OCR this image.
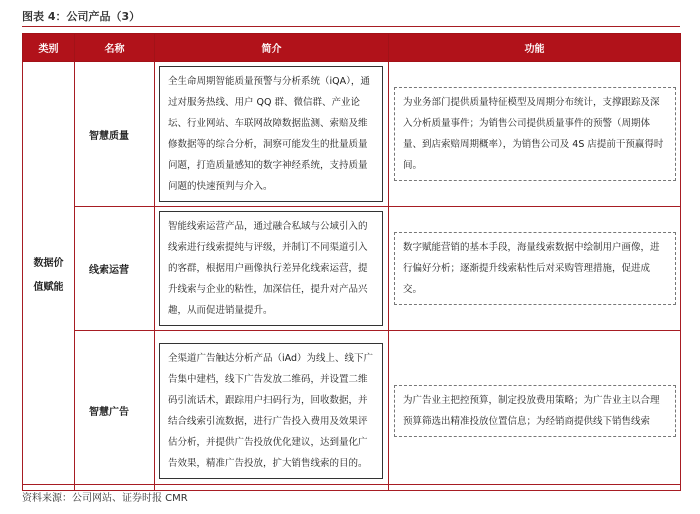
图表 4：公司产品（3）
类别	名称	简介	功能

数据价值赋能	智慧质量	全生命周期智能质量预警与分析系统（iQA），通过对服务热线、用户 QQ 群、微信群、产业论坛、行业网站、车联网故障数据监测、索赔及维修数据等的综合分析，洞察可能发生的批量质量问题，打造质量感知的数字神经系统，支持质量问题的快速预判与介入。	为业务部门提供质量特征模型及周期分布统计，支撑跟踪及深入分析质量事件；为销售公司提供质量事件的预警（周期体量、到店索赔周期概率），为销售公司及 4S 店提前干预赢得时间。

	线索运营	智能线索运营产品，通过融合私域与公域引入的线索进行线索提纯与评级，并制订不同渠道引入的客群，根据用户画像执行差异化线索运营，提升线索与企业的粘性，加深信任，提升对产品兴趣，从而促进销量提升。	数字赋能营销的基本手段，海量线索数据中绘制用户画像，进行偏好分析；逐渐提升线索粘性后对采购管理措施，促进成交。

	智慧广告	全渠道广告触达分析产品（iAd）为线上、线下广告集中建档，线下广告发放二维码，并设置二维码引流话术，跟踪用户扫码行为，回收数据，并结合线索引流数据，进行广告投入费用及效果评估分析，并提供广告投放优化建议，达到量化广告效果，精准广告投放，扩大销售线索的目的。	为广告业主把控预算，制定投放费用策略；为广告业主以合理预算筛选出精准投放位置信息；为经销商提供线下销售线索
资料来源：公司网站、证券时报 CMR
